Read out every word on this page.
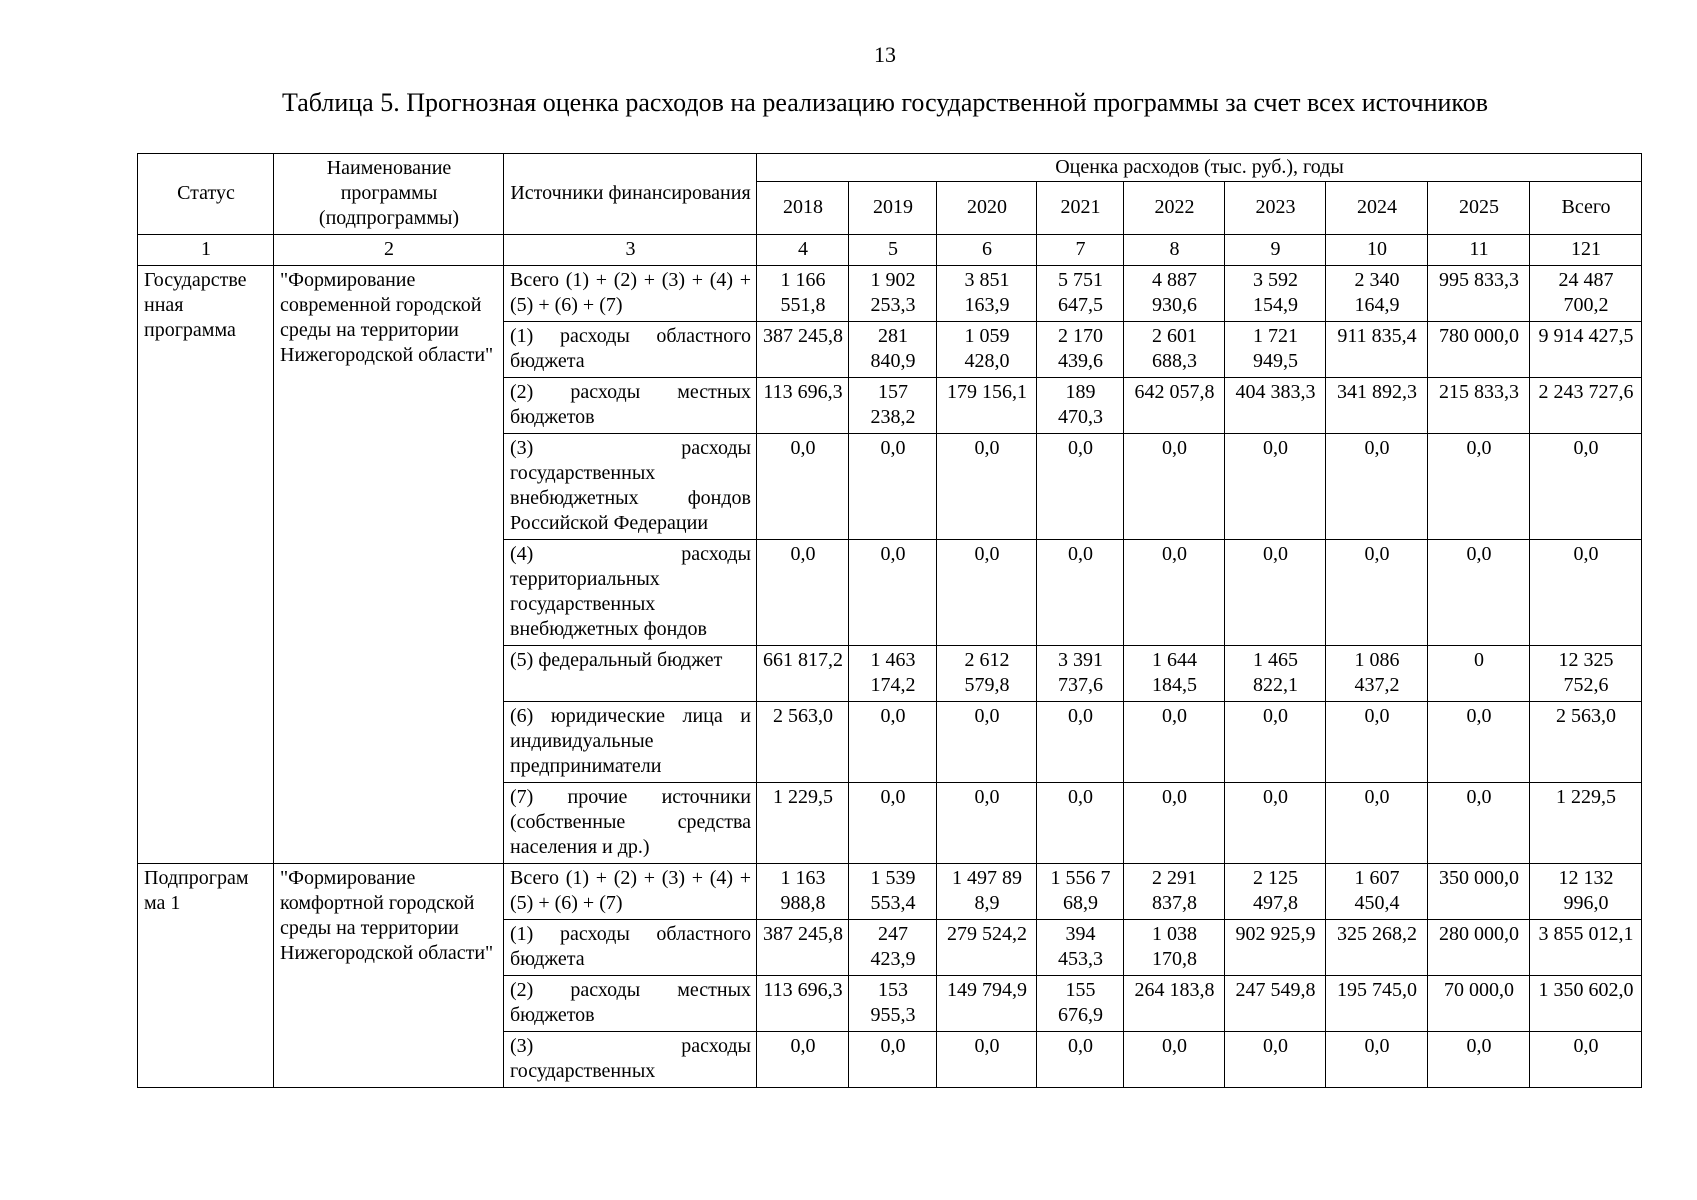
13
Таблица 5. Прогнозная оценка расходов на реализацию государственной программы за счет всех источников
Статус	Наименование программы (подпрограммы)	Источники финансирования	Оценка расходов (тыс. руб.), годы								
			2018	2019	2020	2021	2022	2023	2024	2025	Всего
1	2	3	4	5	6	7	8	9	10	11	121
Государстве нная программа	"Формирование современной городской среды на территории Нижегородской области"	Всего (1) + (2) + (3) + (4) + (5) + (6) + (7)	1 166 551,8	1 902 253,3	3 851 163,9	5 751 647,5	4 887 930,6	3 592 154,9	2 340 164,9	995 833,3	24 487 700,2
		(1) расходы областного бюджета	387 245,8	281 840,9	1 059 428,0	2 170 439,6	2 601 688,3	1 721 949,5	911 835,4	780 000,0	9 914 427,5
		(2) расходы местных бюджетов	113 696,3	157 238,2	179 156,1	189 470,3	642 057,8	404 383,3	341 892,3	215 833,3	2 243 727,6
		(3) расходы государственных внебюджетных фондов Российской Федерации	0,0	0,0	0,0	0,0	0,0	0,0	0,0	0,0	0,0
		(4) расходы территориальных государственных внебюджетных фондов	0,0	0,0	0,0	0,0	0,0	0,0	0,0	0,0	0,0
		(5) федеральный бюджет	661 817,2	1 463 174,2	2 612 579,8	3 391 737,6	1 644 184,5	1 465 822,1	1 086 437,2	0	12 325 752,6
		(6) юридические лица и индивидуальные предприниматели	2 563,0	0,0	0,0	0,0	0,0	0,0	0,0	0,0	2 563,0
		(7) прочие источники (собственные средства населения и др.)	1 229,5	0,0	0,0	0,0	0,0	0,0	0,0	0,0	1 229,5
Подпрограм ма 1	"Формирование комфортной городской среды на территории Нижегородской области"	Всего (1) + (2) + (3) + (4) + (5) + (6) + (7)	1 163 988,8	1 539 553,4	1 497 89 8,9	1 556 7 68,9	2 291 837,8	2 125 497,8	1 607 450,4	350 000,0	12 132 996,0
		(1) расходы областного бюджета	387 245,8	247 423,9	279 524,2	394 453,3	1 038 170,8	902 925,9	325 268,2	280 000,0	3 855 012,1
		(2) расходы местных бюджетов	113 696,3	153 955,3	149 794,9	155 676,9	264 183,8	247 549,8	195 745,0	70 000,0	1 350 602,0
		(3) расходы государственных	0,0	0,0	0,0	0,0	0,0	0,0	0,0	0,0	0,0
